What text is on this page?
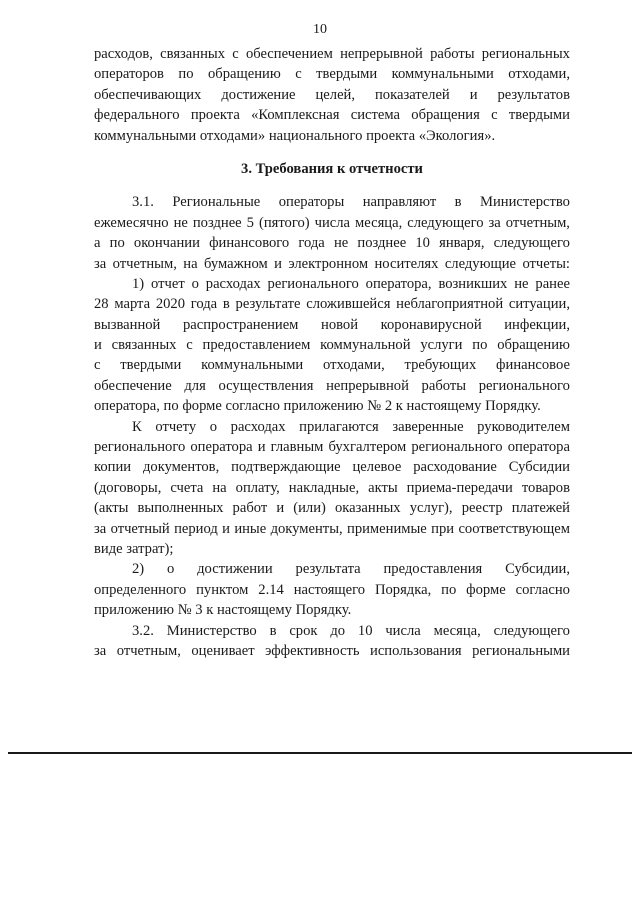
10
расходов, связанных с обеспечением непрерывной работы региональных
операторов по обращению с твердыми коммунальными отходами,
обеспечивающих достижение целей, показателей и результатов
федерального проекта «Комплексная система обращения с твердыми
коммунальными отходами» национального проекта «Экология».
3. Требования к отчетности
3.1. Региональные операторы направляют в Министерство
ежемесячно не позднее 5 (пятого) числа месяца, следующего за отчетным,
а по окончании финансового года не позднее 10 января, следующего
за отчетным, на бумажном и электронном носителях следующие отчеты:
1) отчет о расходах регионального оператора, возникших не ранее
28 марта 2020 года в результате сложившейся неблагоприятной ситуации,
вызванной распространением новой коронавирусной инфекции,
и связанных с предоставлением коммунальной услуги по обращению
с твердыми коммунальными отходами, требующих финансовое
обеспечение для осуществления непрерывной работы регионального
оператора, по форме согласно приложению № 2 к настоящему Порядку.
К отчету о расходах прилагаются заверенные руководителем
регионального оператора и главным бухгалтером регионального оператора
копии документов, подтверждающие целевое расходование Субсидии
(договоры, счета на оплату, накладные, акты приема-передачи товаров
(акты выполненных работ и (или) оказанных услуг), реестр платежей
за отчетный период и иные документы, применимые при соответствующем
виде затрат);
2) о достижении результата предоставления Субсидии,
определенного пунктом 2.14 настоящего Порядка, по форме согласно
приложению № 3 к настоящему Порядку.
3.2. Министерство в срок до 10 числа месяца, следующего
за отчетным, оценивает эффективность использования региональными
